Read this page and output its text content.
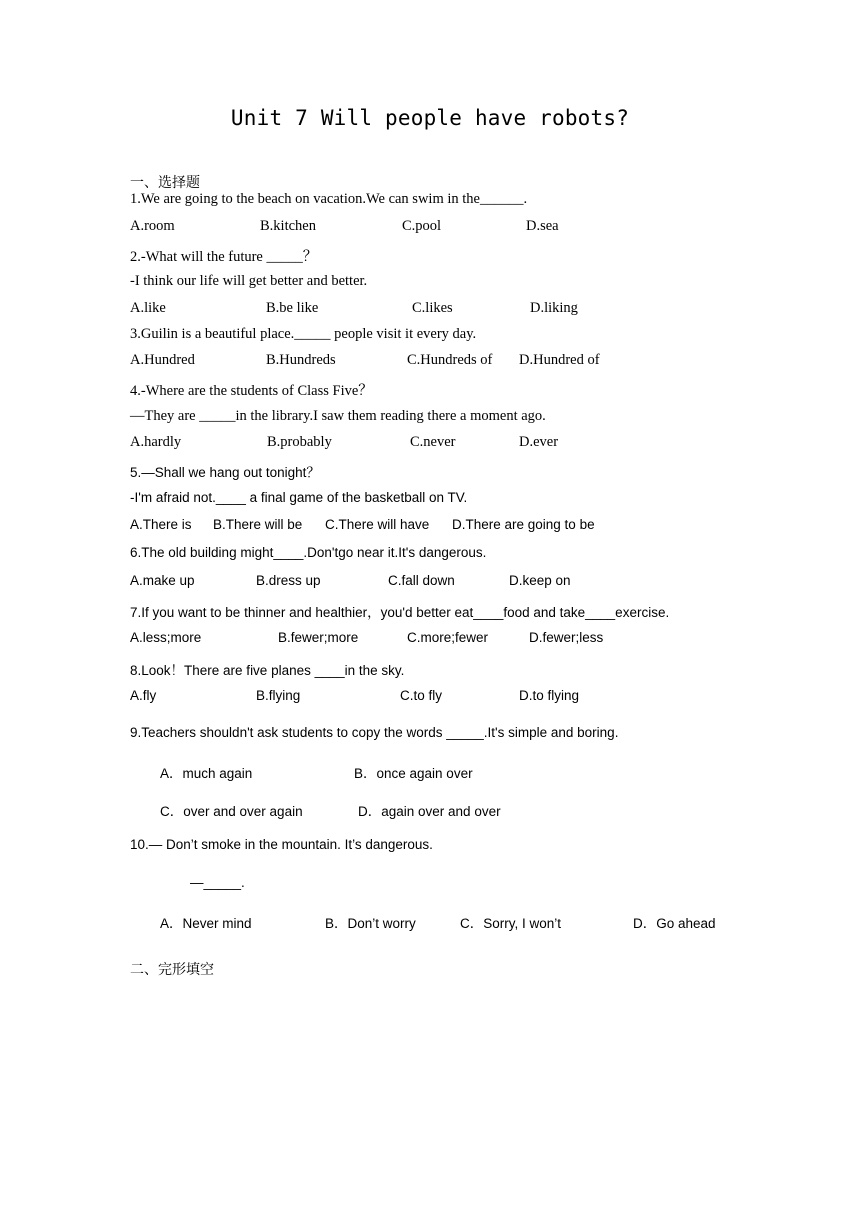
Unit 7 Will people have robots?
一、选择题
1.We are going to the beach on vacation.We can swim in the______.
A.room	B.kitchen	C.pool	D.sea
2.-What will the future _____？
-I think our life will get better and better.
A.like	B.be like	C.likes	D.liking
3.Guilin is a beautiful place._____ people visit it every day.
A.Hundred	B.Hundreds	C.Hundreds of D.Hundred of
4.-Where are the students of Class Five？
—They are _____in the library.I saw them reading there a moment ago.
A.hardly	B.probably	C.never	D.ever
5.—Shall we hang out tonight？
-I'm afraid not.____ a final game of the basketball on TV.
A.There is B.There will be C.There will have D.There are going to be
6.The old building might____.Don'tgo near it.It's dangerous.
A.make up	B.dress up	C.fall down	D.keep on
7.If you want to be thinner and healthier，you'd better eat____food and take____exercise.
A.less;more	B.fewer;more	C.more;fewer	D.fewer;less
8.Look！There are five planes ____in the sky.
A.fly	B.flying	C.to fly	D.to flying
9.Teachers shouldn't ask students to copy the words _____.It's simple and boring.
A．much again	B．once again over
C．over and over again	D．again over and over
10.— Don’t smoke in the mountain. It’s dangerous.
—_____.
A．Never mind	B．Don’t worry	C．Sorry, I won’t	D．Go ahead
二、完形填空
